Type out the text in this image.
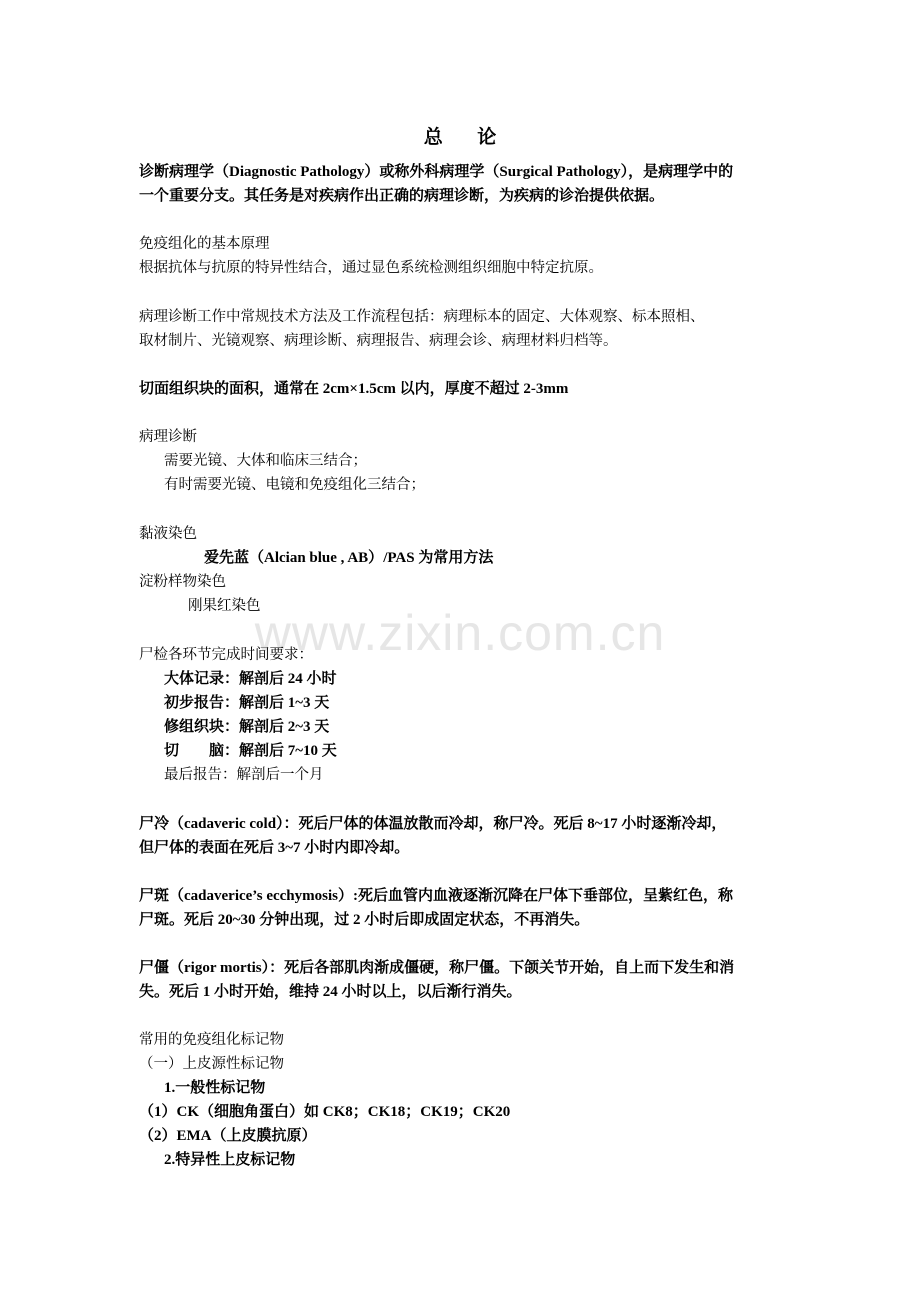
www.zixin.com.cn
总 论
诊断病理学（Diagnostic Pathology）或称外科病理学（Surgical Pathology），是病理学中的
一个重要分支。其任务是对疾病作出正确的病理诊断，为疾病的诊治提供依据。
免疫组化的基本原理
根据抗体与抗原的特异性结合，通过显色系统检测组织细胞中特定抗原。
病理诊断工作中常规技术方法及工作流程包括：病理标本的固定、大体观察、标本照相、
取材制片、光镜观察、病理诊断、病理报告、病理会诊、病理材料归档等。
切面组织块的面积，通常在 2cm×1.5cm 以内，厚度不超过 2-3mm
病理诊断
需要光镜、大体和临床三结合；
有时需要光镜、电镜和免疫组化三结合；
黏液染色
爱先蓝（Alcian blue , AB）/PAS 为常用方法
淀粉样物染色
刚果红染色
尸检各环节完成时间要求：
大体记录：解剖后 24 小时
初步报告：解剖后 1~3 天
修组织块：解剖后 2~3 天
切　　脑：解剖后 7~10 天
最后报告：解剖后一个月
尸冷（cadaveric cold）：死后尸体的体温放散而冷却，称尸冷。死后 8~17 小时逐渐冷却，
但尸体的表面在死后 3~7 小时内即冷却。
尸斑（cadaverice’s ecchymosis）:死后血管内血液逐渐沉降在尸体下垂部位，呈紫红色，称
尸斑。死后 20~30 分钟出现，过 2 小时后即成固定状态，不再消失。
尸僵（rigor mortis）：死后各部肌肉渐成僵硬，称尸僵。下颌关节开始，自上而下发生和消
失。死后 1 小时开始，维持 24 小时以上，以后渐行消失。
常用的免疫组化标记物
（一）上皮源性标记物
1.一般性标记物
（1）CK（细胞角蛋白）如 CK8；CK18；CK19；CK20
（2）EMA（上皮膜抗原）
2.特异性上皮标记物
